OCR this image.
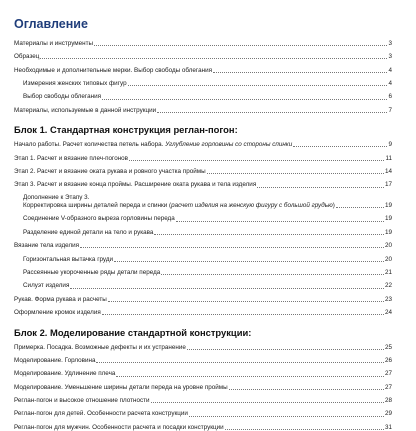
Оглавление
Материалы и инструменты	3
Образец	3
Необходимые и дополнительные мерки. Выбор свободы облегания	4
Измерения женских типовых фигур	4
Выбор свободы облегания	6
Материалы, используемые в данной инструкции	7
Блок 1. Стандартная конструкция реглан-погон:
Начало работы. Расчет количества петель набора. Углубление горловины со стороны спинки	9
Этап 1. Расчет и вязание плеч-погонов	11
Этап 2. Расчет и вязание оката рукава и ровного участка проймы	14
Этап 3. Расчет и вязание конца проймы. Расширение оката рукава и тела изделия	17
Дополнение к Этапу 3.
Корректировка ширины деталей переда и спинки (расчет изделия на женскую фигуру с большой грудью)	19
Соединение V-образного выреза горловины переда	19
Разделение единой детали на тело и рукава	19
Вязание тела изделия	20
Горизонтальная вытачка груди	20
Рассеянные укороченные ряды детали переда	21
Силуэт изделия	22
Рукав. Форма рукава и расчеты	23
Оформление кромок изделия	24
Блок 2. Моделирование стандартной конструкции:
Примерка. Посадка. Возможные дефекты и их устранение	25
Моделирование. Горловина	26
Моделирование. Удлинение плеча	27
Моделирование. Уменьшение ширины детали переда на уровне проймы	27
Реглан-погон и высокое отношение плотности	28
Реглан-погон для детей. Особенности расчета конструкции	29
Реглан-погон для мужчин. Особенности расчета и посадки конструкции	31
